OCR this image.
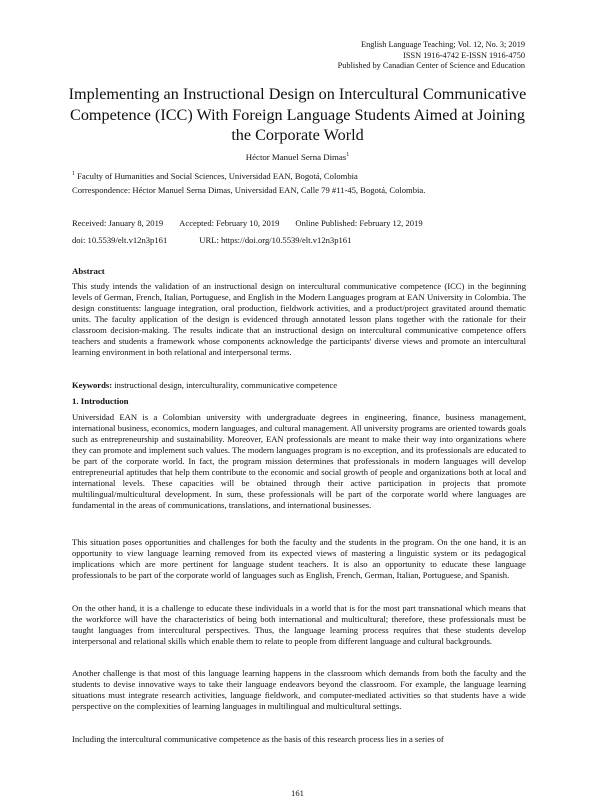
English Language Teaching; Vol. 12, No. 3; 2019
ISSN 1916-4742 E-ISSN 1916-4750
Published by Canadian Center of Science and Education
Implementing an Instructional Design on Intercultural Communicative Competence (ICC) With Foreign Language Students Aimed at Joining the Corporate World
Héctor Manuel Serna Dimas$^1$
$^1$ Faculty of Humanities and Social Sciences, Universidad EAN, Bogotá, Colombia
Correspondence: Héctor Manuel Serna Dimas, Universidad EAN, Calle 79 #11-45, Bogotá, Colombia.
Received: January 8, 2019 Accepted: February 10, 2019 Online Published: February 12, 2019
doi: 10.5539/elt.v12n3p161	URL: https://doi.org/10.5539/elt.v12n3p161
Abstract
This study intends the validation of an instructional design on intercultural communicative competence (ICC) in the beginning levels of German, French, Italian, Portuguese, and English in the Modern Languages program at EAN University in Colombia. The design constituents: language integration, oral production, fieldwork activities, and a product/project gravitated around thematic units. The faculty application of the design is evidenced through annotated lesson plans together with the rationale for their classroom decision-making. The results indicate that an instructional design on intercultural communicative competence offers teachers and students a framework whose components acknowledge the participants' diverse views and promote an intercultural learning environment in both relational and interpersonal terms.
Keywords: instructional design, interculturality, communicative competence
1. Introduction
Universidad EAN is a Colombian university with undergraduate degrees in engineering, finance, business management, international business, economics, modern languages, and cultural management. All university programs are oriented towards goals such as entrepreneurship and sustainability. Moreover, EAN professionals are meant to make their way into organizations where they can promote and implement such values. The modern languages program is no exception, and its professionals are educated to be part of the corporate world. In fact, the program mission determines that professionals in modern languages will develop entrepreneurial aptitudes that help them contribute to the economic and social growth of people and organizations both at local and international levels. These capacities will be obtained through their active participation in projects that promote multilingual/multicultural development. In sum, these professionals will be part of the corporate world where languages are fundamental in the areas of communications, translations, and international businesses.
This situation poses opportunities and challenges for both the faculty and the students in the program. On the one hand, it is an opportunity to view language learning removed from its expected views of mastering a linguistic system or its pedagogical implications which are more pertinent for language student teachers. It is also an opportunity to educate these language professionals to be part of the corporate world of languages such as English, French, German, Italian, Portuguese, and Spanish.
On the other hand, it is a challenge to educate these individuals in a world that is for the most part transnational which means that the workforce will have the characteristics of being both international and multicultural; therefore, these professionals must be taught languages from intercultural perspectives. Thus, the language learning process requires that these students develop interpersonal and relational skills which enable them to relate to people from different language and cultural backgrounds.
Another challenge is that most of this language learning happens in the classroom which demands from both the faculty and the students to devise innovative ways to take their language endeavors beyond the classroom. For example, the language learning situations must integrate research activities, language fieldwork, and computer-mediated activities so that students have a wide perspective on the complexities of learning languages in multilingual and multicultural settings.
Including the intercultural communicative competence as the basis of this research process lies in a series of
161
